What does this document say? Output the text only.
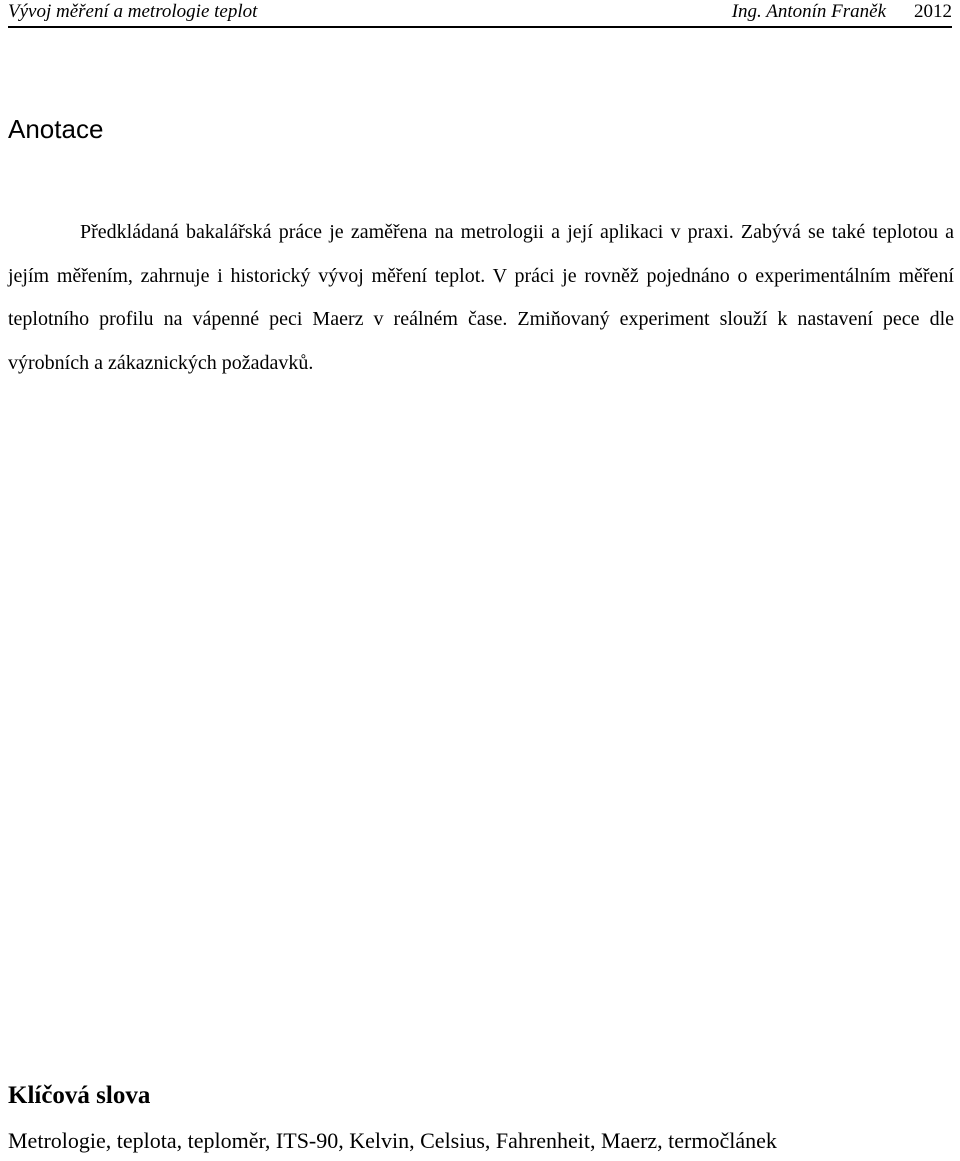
Vývoj měření a metrologie teplot	Ing. Antonín Franěk 2012
Anotace

Předkládaná bakalářská práce je zaměřena na metrologii a její aplikaci v praxi. Zabývá se také teplotou a jejím měřením, zahrnuje i historický vývoj měření teplot. V práci je rovněž pojednáno o experimentálním měření teplotního profilu na vápenné peci Maerz v reálném čase. Zmiňovaný experiment slouží k nastavení pece dle výrobních a zákaznických požadavků.

Klíčová slova

Metrologie, teplota, teploměr, ITS-90, Kelvin, Celsius, Fahrenheit, Maerz, termočlánek
